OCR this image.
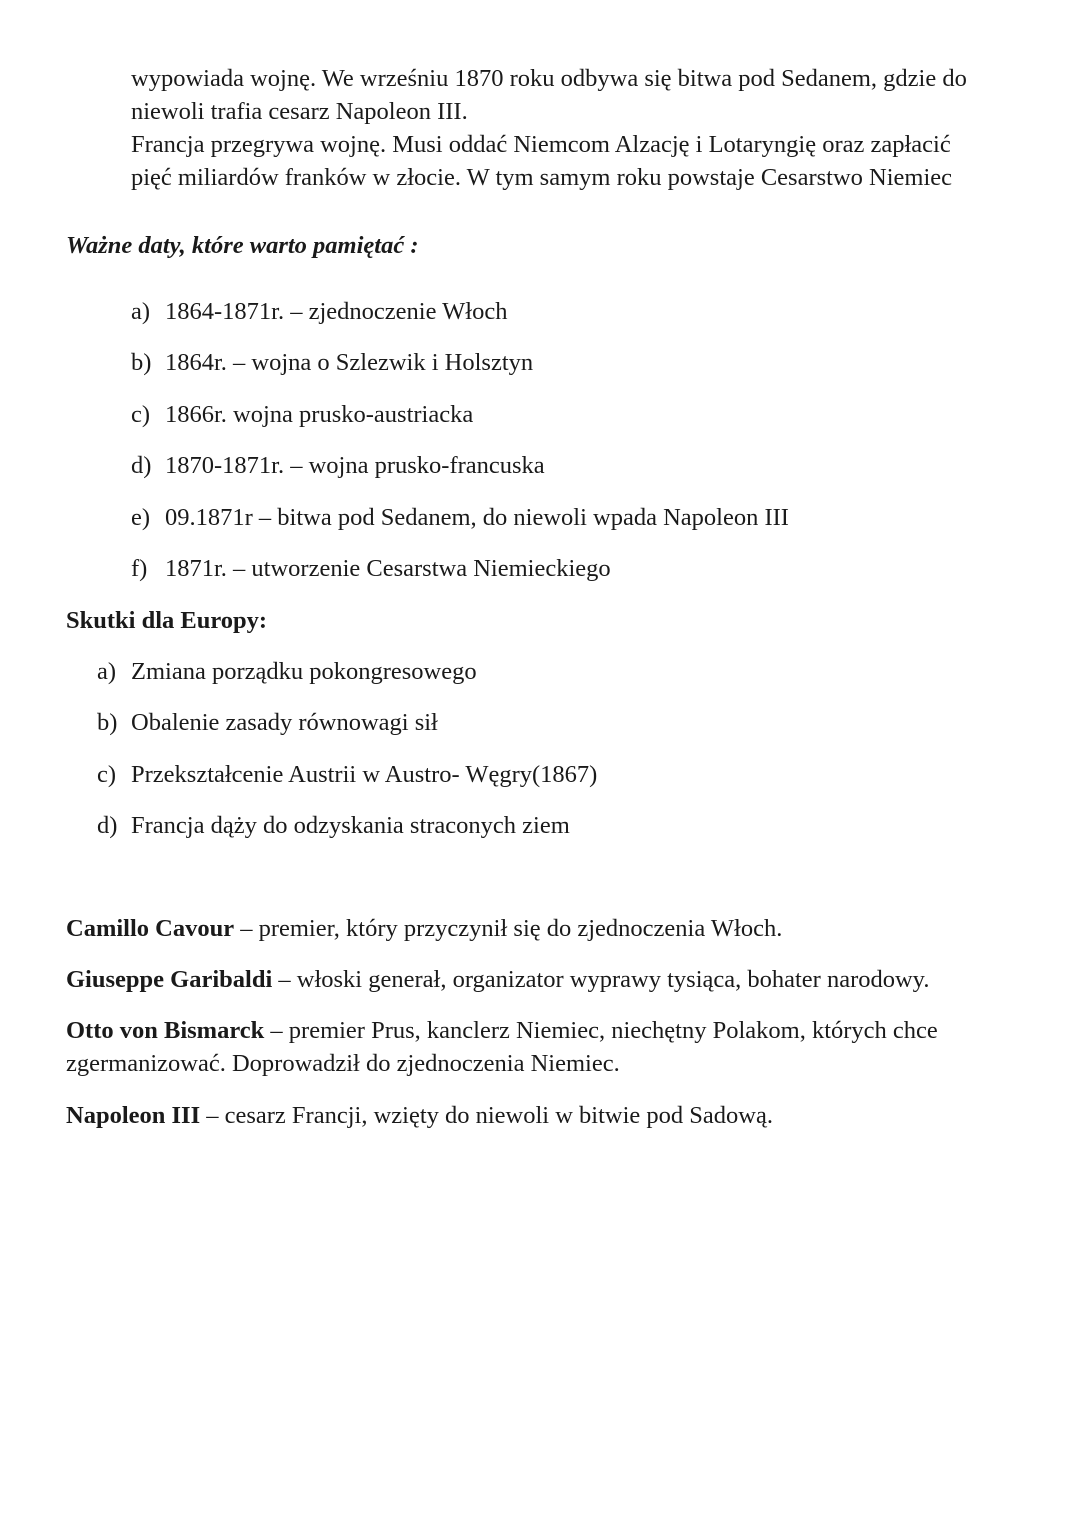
wypowiada wojnę. We wrześniu 1870 roku odbywa się bitwa pod Sedanem, gdzie do
niewoli trafia cesarz Napoleon III.
Francja przegrywa wojnę. Musi oddać Niemcom Alzację i Lotaryngię oraz zapłacić
pięć miliardów franków w złocie. W tym samym roku powstaje Cesarstwo Niemiec
Ważne daty, które warto pamiętać :
a) 1864-1871r. – zjednoczenie Włoch
b) 1864r. – wojna o Szlezwik i Holsztyn
c) 1866r. wojna prusko-austriacka
d) 1870-1871r. – wojna prusko-francuska
e) 09.1871r – bitwa pod Sedanem, do niewoli wpada Napoleon III
f) 1871r. – utworzenie Cesarstwa Niemieckiego
Skutki dla Europy:
a) Zmiana porządku pokongresowego
b) Obalenie zasady równowagi sił
c) Przekształcenie Austrii w Austro- Węgry(1867)
d) Francja dąży do odzyskania straconych ziem
Camillo Cavour – premier, który przyczynił się do zjednoczenia Włoch.
Giuseppe Garibaldi – włoski generał, organizator wyprawy tysiąca, bohater narodowy.
Otto von Bismarck – premier Prus, kanclerz Niemiec, niechętny Polakom, których chce
zgermanizować. Doprowadził do zjednoczenia Niemiec.
Napoleon III – cesarz Francji, wzięty do niewoli w bitwie pod Sadową.
